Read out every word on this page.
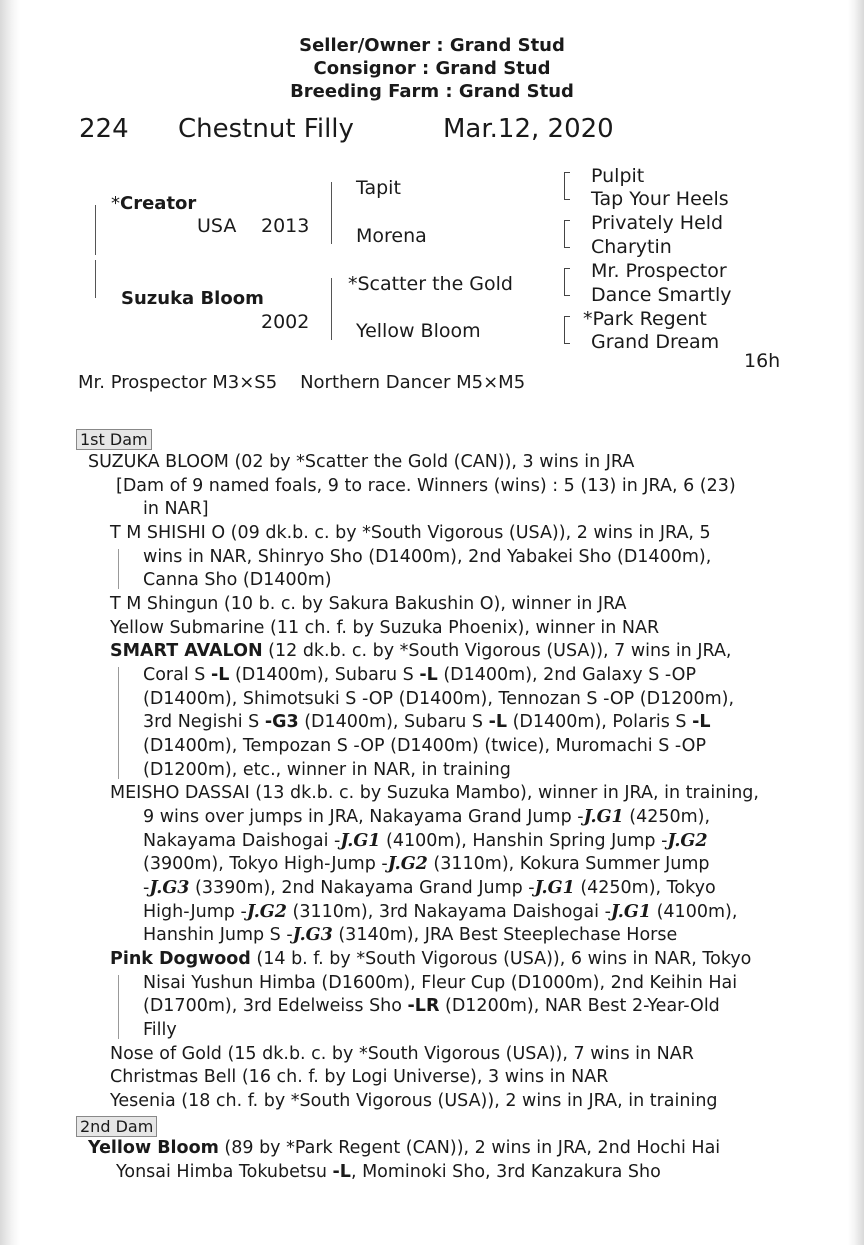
Seller/Owner : Grand Stud
Consignor : Grand Stud
Breeding Farm : Grand Stud
224 Chestnut Filly	Mar.12, 2020
*Creator
USA 2013
Suzuka Bloom
2002
Tapit
Morena
*Scatter the Gold
Yellow Bloom
Pulpit
Tap Your Heels
Privately Held
Charytin
Mr. Prospector
Dance Smartly
*Park Regent
Grand Dream
16h
Mr. Prospector M3×S5    Northern Dancer M5×M5
1st Dam
SUZUKA BLOOM (02 by *Scatter the Gold (CAN)), 3 wins in JRA
[Dam of 9 named foals, 9 to race. Winners (wins) : 5 (13) in JRA, 6 (23)
in NAR]
T M SHISHI O (09 dk.b. c. by *South Vigorous (USA)), 2 wins in JRA, 5
wins in NAR, Shinryo Sho (D1400m), 2nd Yabakei Sho (D1400m),
Canna Sho (D1400m)
T M Shingun (10 b. c. by Sakura Bakushin O), winner in JRA
Yellow Submarine (11 ch. f. by Suzuka Phoenix), winner in NAR
SMART AVALON (12 dk.b. c. by *South Vigorous (USA)), 7 wins in JRA,
Coral S -L (D1400m), Subaru S -L (D1400m), 2nd Galaxy S -OP
(D1400m), Shimotsuki S -OP (D1400m), Tennozan S -OP (D1200m),
3rd Negishi S -G3 (D1400m), Subaru S -L (D1400m), Polaris S -L
(D1400m), Tempozan S -OP (D1400m) (twice), Muromachi S -OP
(D1200m), etc., winner in NAR, in training
MEISHO DASSAI (13 dk.b. c. by Suzuka Mambo), winner in JRA, in training,
9 wins over jumps in JRA, Nakayama Grand Jump -J.G1 (4250m),
Nakayama Daishogai -J.G1 (4100m), Hanshin Spring Jump -J.G2
(3900m), Tokyo High-Jump -J.G2 (3110m), Kokura Summer Jump
-J.G3 (3390m), 2nd Nakayama Grand Jump -J.G1 (4250m), Tokyo
High-Jump -J.G2 (3110m), 3rd Nakayama Daishogai -J.G1 (4100m),
Hanshin Jump S -J.G3 (3140m), JRA Best Steeplechase Horse
Pink Dogwood (14 b. f. by *South Vigorous (USA)), 6 wins in NAR, Tokyo
Nisai Yushun Himba (D1600m), Fleur Cup (D1000m), 2nd Keihin Hai
(D1700m), 3rd Edelweiss Sho -LR (D1200m), NAR Best 2-Year-Old
Filly
Nose of Gold (15 dk.b. c. by *South Vigorous (USA)), 7 wins in NAR
Christmas Bell (16 ch. f. by Logi Universe), 3 wins in NAR
Yesenia (18 ch. f. by *South Vigorous (USA)), 2 wins in JRA, in training
2nd Dam
Yellow Bloom (89 by *Park Regent (CAN)), 2 wins in JRA, 2nd Hochi Hai
Yonsai Himba Tokubetsu -L, Mominoki Sho, 3rd Kanzakura Sho
